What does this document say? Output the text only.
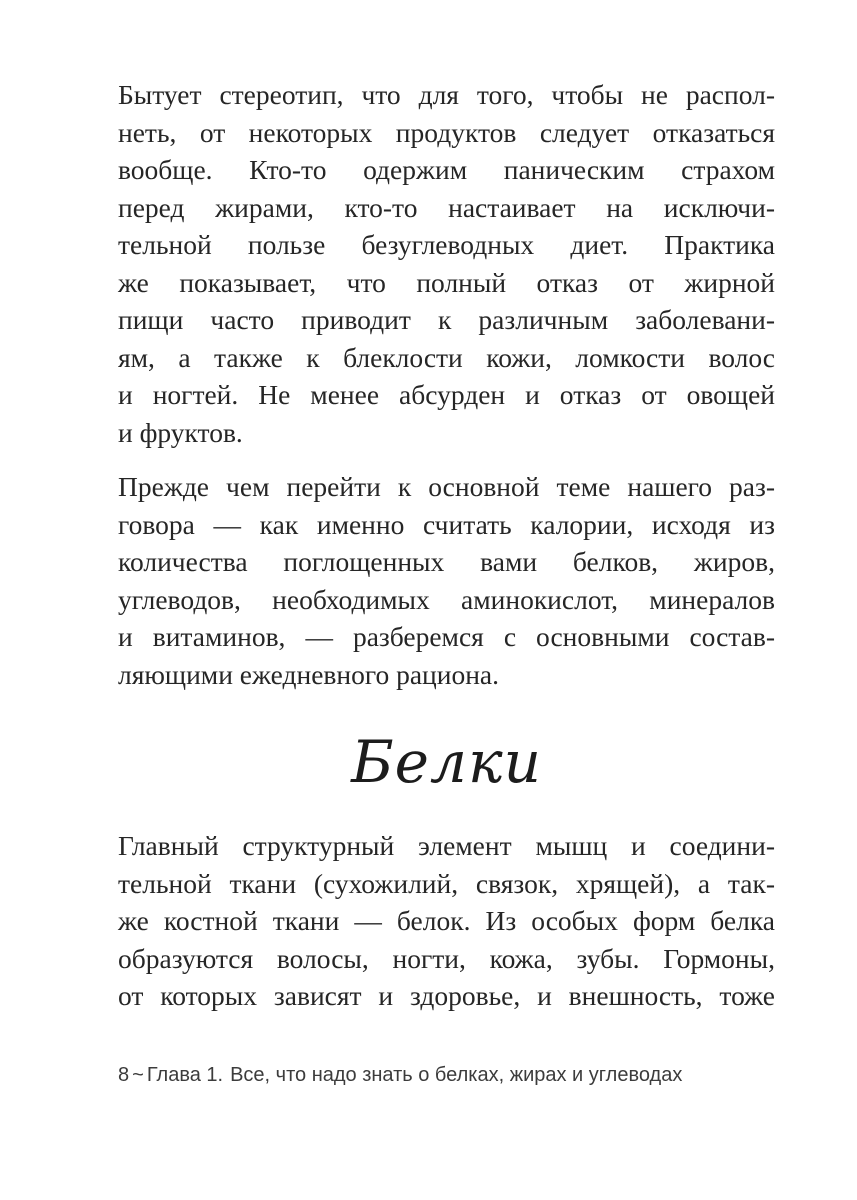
Бытует стереотип, что для того, чтобы не распол-
неть, от некоторых продуктов следует отказаться
вообще. Кто-то одержим паническим страхом
перед жирами, кто-то настаивает на исключи-
тельной пользе безуглеводных диет. Практика
же показывает, что полный отказ от жирной
пищи часто приводит к различным заболевани-
ям, а также к блеклости кожи, ломкости волос
и ногтей. Не менее абсурден и отказ от овощей
и фруктов.
Прежде чем перейти к основной теме нашего раз-
говора — как именно считать калории, исходя из
количества поглощенных вами белков, жиров,
углеводов, необходимых аминокислот, минералов
и витаминов, — разберемся с основными состав-
ляющими ежедневного рациона.
Белки
Главный структурный элемент мышц и соедини-
тельной ткани (сухожилий, связок, хрящей), а так-
же костной ткани — белок. Из особых форм белка
образуются волосы, ногти, кожа, зубы. Гормоны,
от которых зависят и здоровье, и внешность, тоже
8 ~ Глава 1. Все, что надо знать о белках, жирах и углеводах
